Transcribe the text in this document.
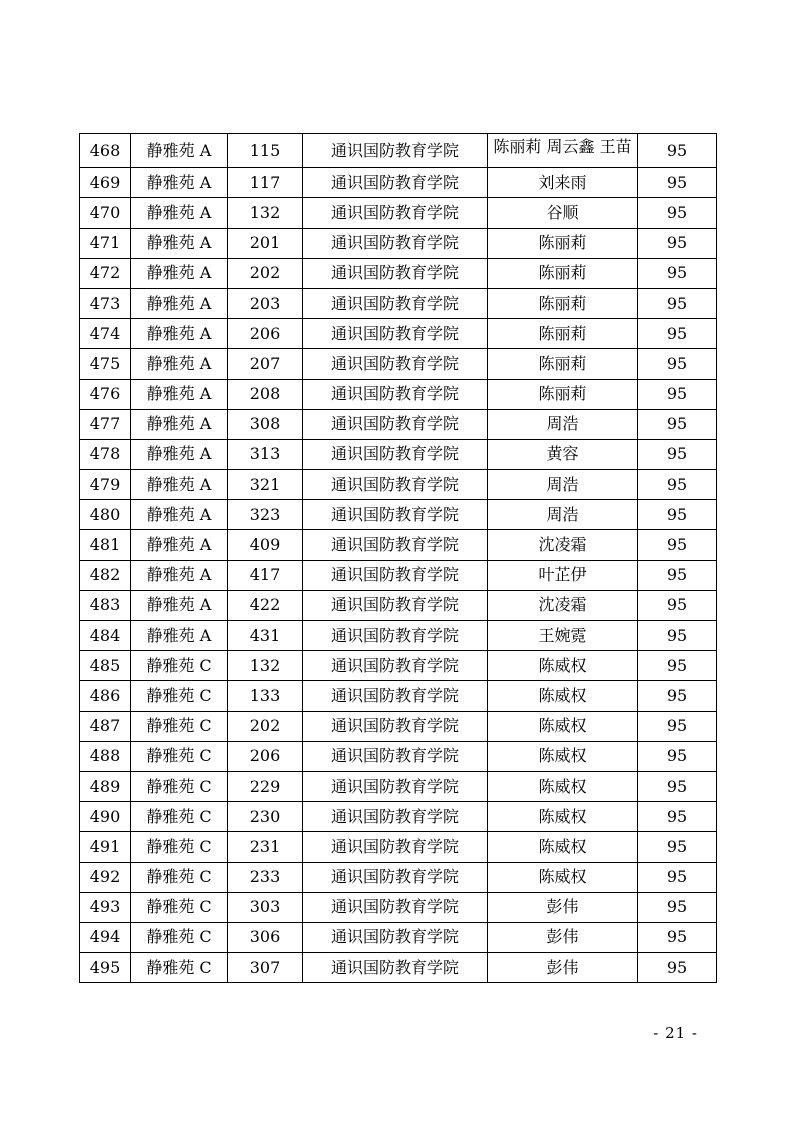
468	静雅苑 A	115	通识国防教育学院	陈丽莉 周云鑫 王苗	95
469	静雅苑 A	117	通识国防教育学院	刘来雨	95
470	静雅苑 A	132	通识国防教育学院	谷顺	95
471	静雅苑 A	201	通识国防教育学院	陈丽莉	95
472	静雅苑 A	202	通识国防教育学院	陈丽莉	95
473	静雅苑 A	203	通识国防教育学院	陈丽莉	95
474	静雅苑 A	206	通识国防教育学院	陈丽莉	95
475	静雅苑 A	207	通识国防教育学院	陈丽莉	95
476	静雅苑 A	208	通识国防教育学院	陈丽莉	95
477	静雅苑 A	308	通识国防教育学院	周浩	95
478	静雅苑 A	313	通识国防教育学院	黄容	95
479	静雅苑 A	321	通识国防教育学院	周浩	95
480	静雅苑 A	323	通识国防教育学院	周浩	95
481	静雅苑 A	409	通识国防教育学院	沈凌霜	95
482	静雅苑 A	417	通识国防教育学院	叶芷伊	95
483	静雅苑 A	422	通识国防教育学院	沈凌霜	95
484	静雅苑 A	431	通识国防教育学院	王婉霓	95
485	静雅苑 C	132	通识国防教育学院	陈威权	95
486	静雅苑 C	133	通识国防教育学院	陈威权	95
487	静雅苑 C	202	通识国防教育学院	陈威权	95
488	静雅苑 C	206	通识国防教育学院	陈威权	95
489	静雅苑 C	229	通识国防教育学院	陈威权	95
490	静雅苑 C	230	通识国防教育学院	陈威权	95
491	静雅苑 C	231	通识国防教育学院	陈威权	95
492	静雅苑 C	233	通识国防教育学院	陈威权	95
493	静雅苑 C	303	通识国防教育学院	彭伟	95
494	静雅苑 C	306	通识国防教育学院	彭伟	95
495	静雅苑 C	307	通识国防教育学院	彭伟	95
- 21 -
